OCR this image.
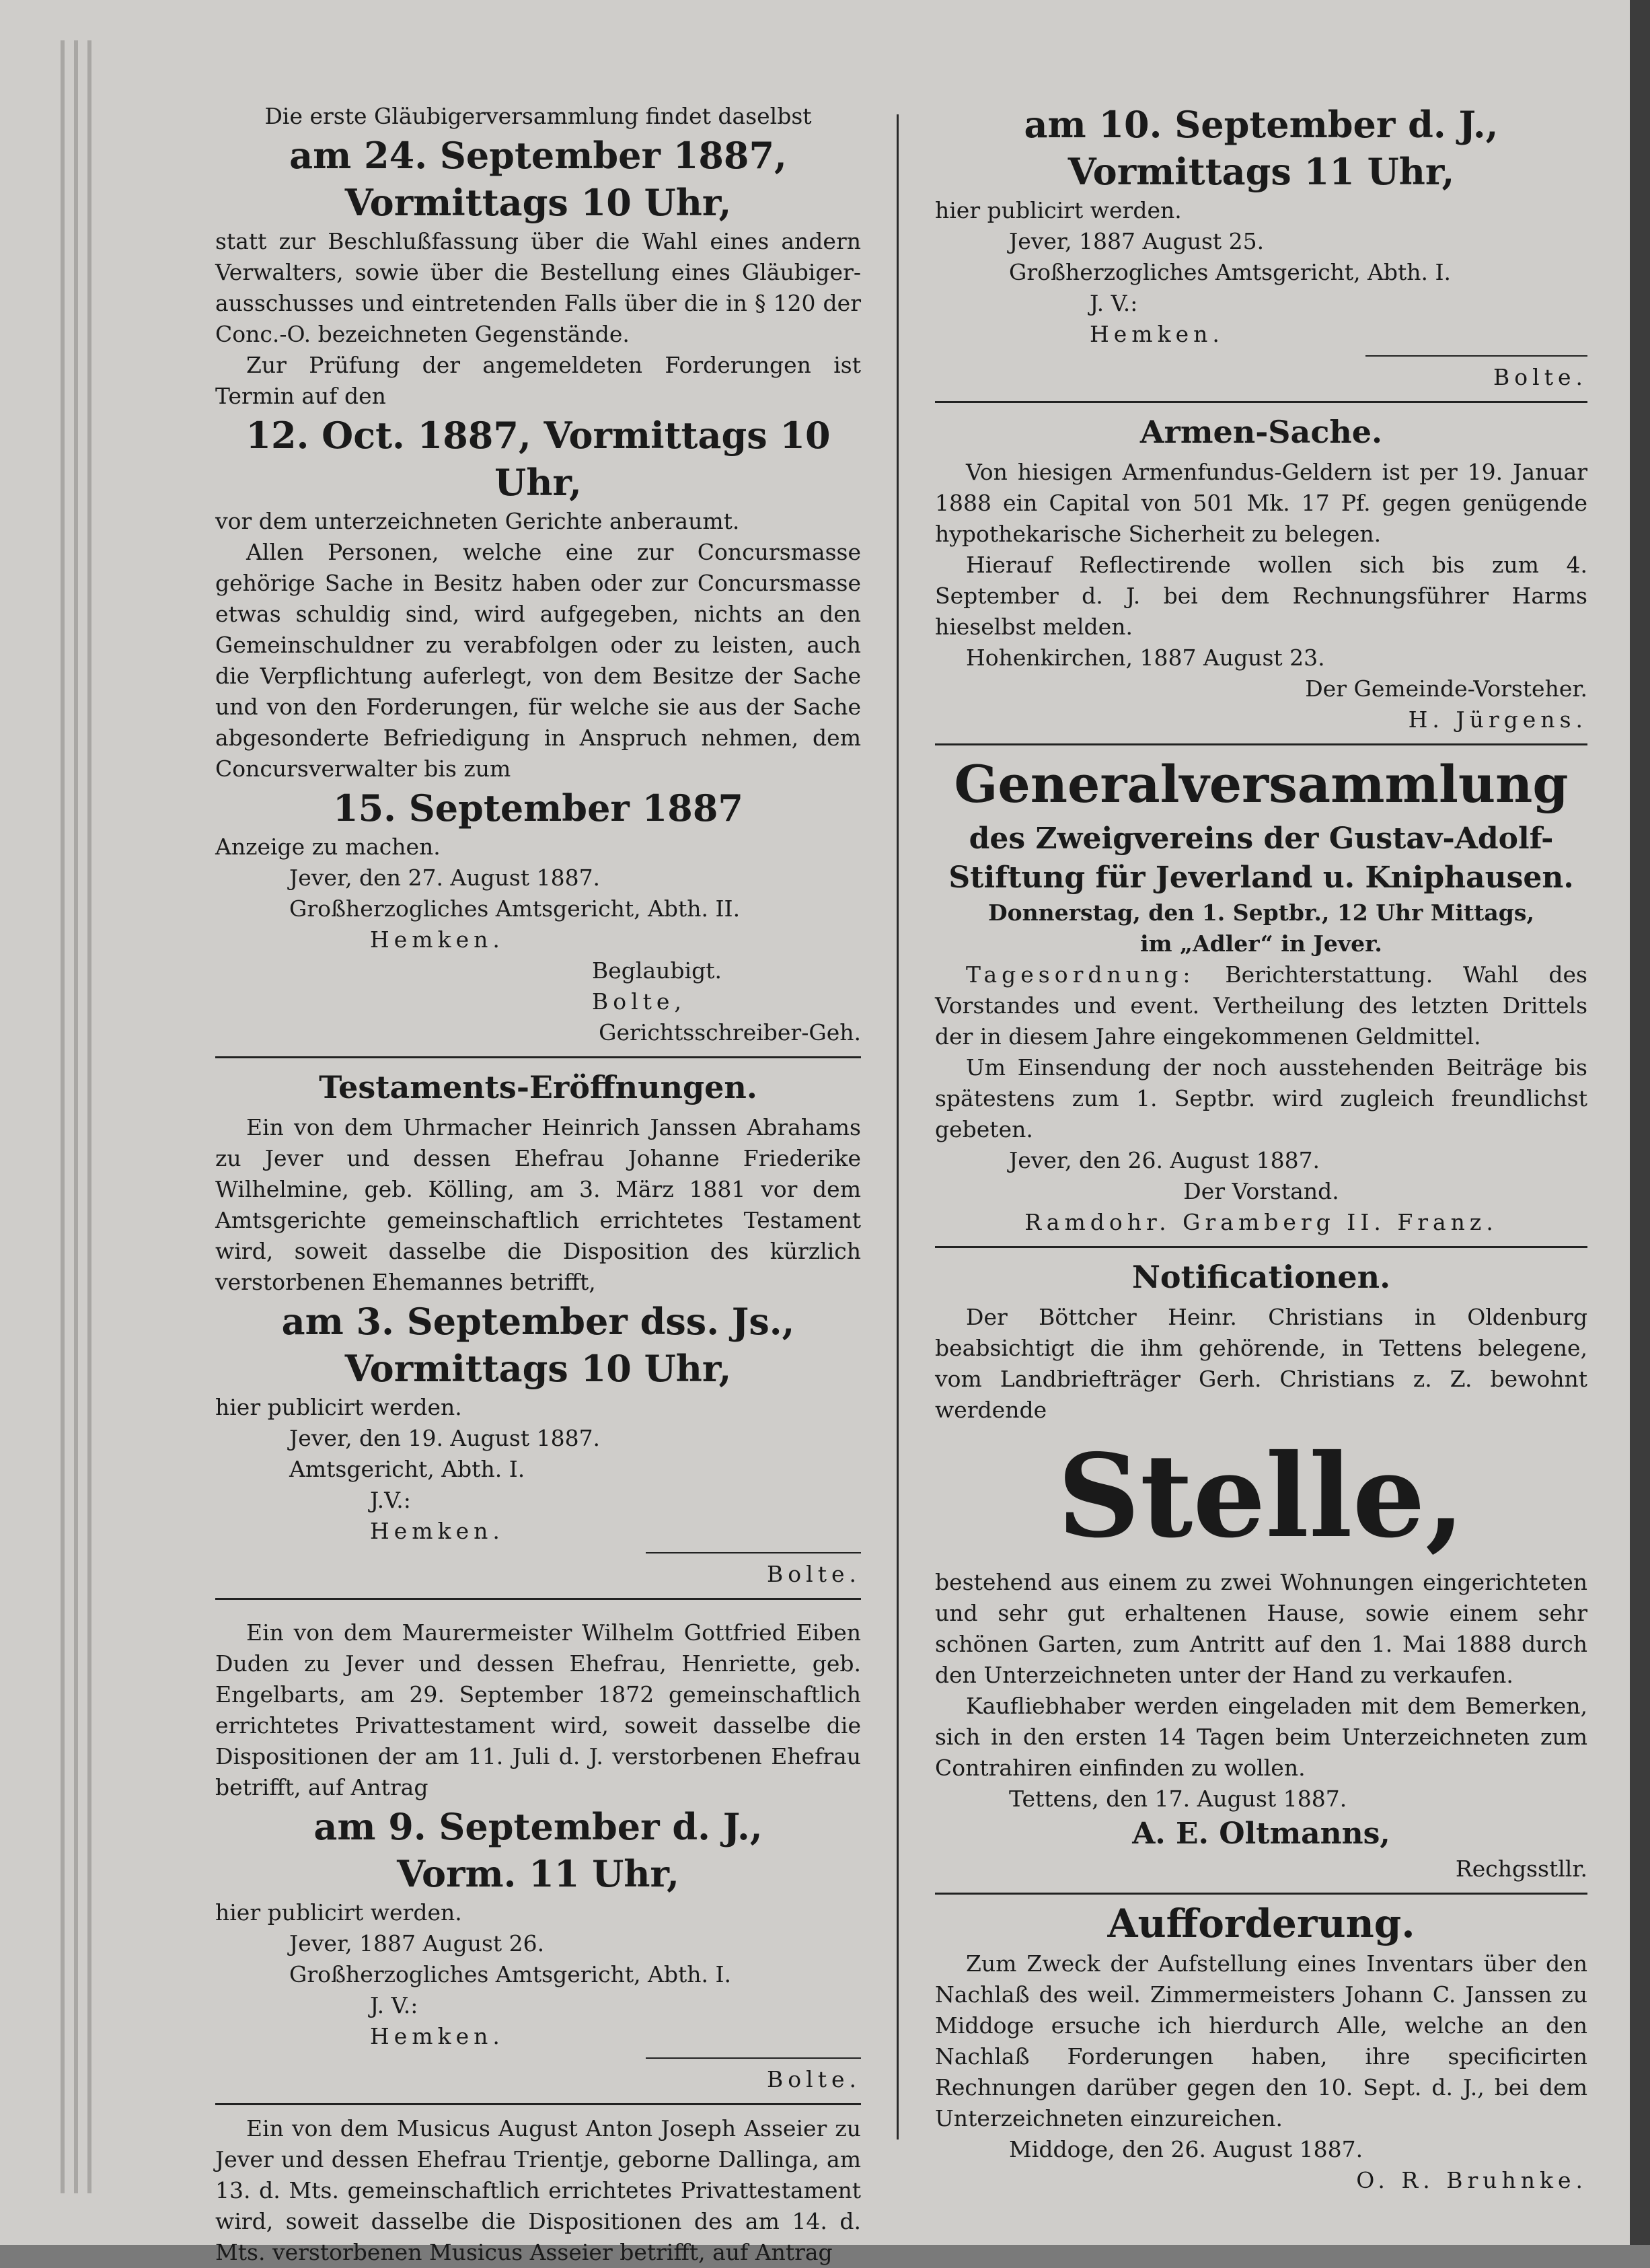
Die erste Gläubigerversammlung findet daselbst

am 24. September 1887,

Vormittags 10 Uhr,

statt zur Beschlußfassung über die Wahl eines andern Verwalters, sowie über die Bestellung eines Gläubiger-ausschusses und eintretenden Falls über die in § 120 der Conc.-O. bezeichneten Gegenstände.

Zur Prüfung der angemeldeten Forderungen ist Termin auf den

12. Oct. 1887, Vormittags 10 Uhr,

vor dem unterzeichneten Gerichte anberaumt.

Allen Personen, welche eine zur Concursmasse gehörige Sache in Besitz haben oder zur Concursmasse etwas schuldig sind, wird aufgegeben, nichts an den Gemeinschuldner zu verabfolgen oder zu leisten, auch die Verpflichtung auferlegt, von dem Besitze der Sache und von den Forderungen, für welche sie aus der Sache abgesonderte Befriedigung in Anspruch nehmen, dem Concursverwalter bis zum

15. September 1887

Anzeige zu machen.

Jever, den 27. August 1887.

Großherzogliches Amtsgericht, Abth. II.

Hemken.

Beglaubigt.

Bolte,

Gerichtsschreiber-Geh.

Testaments-Eröffnungen.

Ein von dem Uhrmacher Heinrich Janssen Abrahams zu Jever und dessen Ehefrau Johanne Friederike Wilhelmine, geb. Kölling, am 3. März 1881 vor dem Amtsgerichte gemeinschaftlich errichtetes Testament wird, soweit dasselbe die Disposition des kürzlich verstorbenen Ehemannes betrifft,

am 3. September dss. Js.,

Vormittags 10 Uhr,

hier publicirt werden.

Jever, den 19. August 1887.

Amtsgericht, Abth. I.

J.V.:

Hemken.

Bolte.

Ein von dem Maurermeister Wilhelm Gottfried Eiben Duden zu Jever und dessen Ehefrau, Henriette, geb. Engelbarts, am 29. September 1872 gemeinschaftlich errichtetes Privattestament wird, soweit dasselbe die Dispositionen der am 11. Juli d. J. verstorbenen Ehefrau betrifft, auf Antrag

am 9. September d. J.,

Vorm. 11 Uhr,

hier publicirt werden.

Jever, 1887 August 26.

Großherzogliches Amtsgericht, Abth. I.

J. V.:

Hemken.

Bolte.

Ein von dem Musicus August Anton Joseph Asseier zu Jever und dessen Ehefrau Trientje, geborne Dallinga, am 13. d. Mts. gemeinschaftlich errichtetes Privattestament wird, soweit dasselbe die Dispositionen des am 14. d. Mts. verstorbenen Musicus Asseier betrifft, auf Antrag

am 10. September d. J.,

Vormittags 11 Uhr,

hier publicirt werden.

Jever, 1887 August 25.

Großherzogliches Amtsgericht, Abth. I.

J. V.:

Hemken.

Bolte.

Armen-Sache.

Von hiesigen Armenfundus-Geldern ist per 19. Januar 1888 ein Capital von 501 Mk. 17 Pf. gegen genügende hypothekarische Sicherheit zu belegen.

Hierauf Reflectirende wollen sich bis zum 4. September d. J. bei dem Rechnungsführer Harms hieselbst melden.

Hohenkirchen, 1887 August 23.

Der Gemeinde-Vorsteher.

H. Jürgens.

Generalversammlung

des Zweigvereins der Gustav-Adolf-

Stiftung für Jeverland u. Kniphausen.

Donnerstag, den 1. Septbr., 12 Uhr Mittags,

im „Adler“ in Jever.

Tagesordnung: Berichterstattung. Wahl des Vorstandes und event. Vertheilung des letzten Drittels der in diesem Jahre eingekommenen Geldmittel.

Um Einsendung der noch ausstehenden Beiträge bis spätestens zum 1. Septbr. wird zugleich freundlichst gebeten.

Jever, den 26. August 1887.

Der Vorstand.

Ramdohr. Gramberg II. Franz.

Notificationen.

Der Böttcher Heinr. Christians in Oldenburg beabsichtigt die ihm gehörende, in Tettens belegene, vom Landbriefträger Gerh. Christians z. Z. bewohnt werdende

Stelle,

bestehend aus einem zu zwei Wohnungen eingerichteten und sehr gut erhaltenen Hause, sowie einem sehr schönen Garten, zum Antritt auf den 1. Mai 1888 durch den Unterzeichneten unter der Hand zu verkaufen.

Kaufliebhaber werden eingeladen mit dem Bemerken, sich in den ersten 14 Tagen beim Unterzeichneten zum Contrahiren einfinden zu wollen.

Tettens, den 17. August 1887.

A. E. Oltmanns,

Rechgsstllr.

Aufforderung.

Zum Zweck der Aufstellung eines Inventars über den Nachlaß des weil. Zimmermeisters Johann C. Janssen zu Middoge ersuche ich hierdurch Alle, welche an den Nachlaß Forderungen haben, ihre specificirten Rechnungen darüber gegen den 10. Sept. d. J., bei dem Unterzeichneten einzureichen.

Middoge, den 26. August 1887.

O. R. Bruhnke.
